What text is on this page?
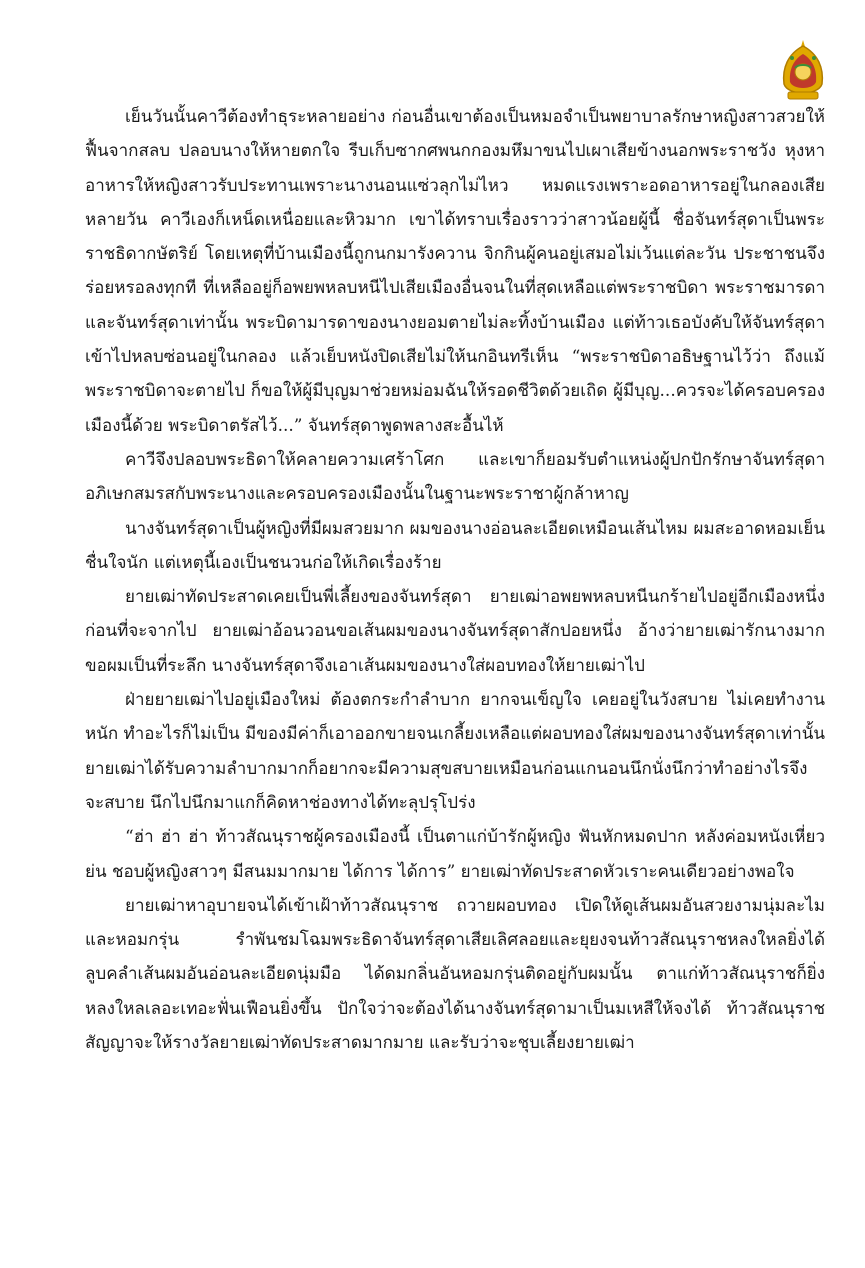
เย็นวันนั้นคาวีต้องทำธุระหลายอย่าง ก่อนอื่นเขาต้องเป็นหมอจำเป็นพยาบาลรักษาหญิงสาวสวยให้ฟื้นจากสลบ ปลอบนางให้หายตกใจ รีบเก็บซากศพนกกองมหึมาขนไปเผาเสียข้างนอกพระราชวัง หุงหาอาหารให้หญิงสาวรับประทานเพราะนางนอนแซ่วลุกไม่ไหว หมดแรงเพราะอดอาหารอยู่ในกลองเสียหลายวัน คาวีเองก็เหน็ดเหนื่อยและหิวมาก เขาได้ทราบเรื่องราวว่าสาวน้อยผู้นี้ ชื่อจันทร์สุดาเป็นพระราชธิดากษัตริย์ โดยเหตุที่บ้านเมืองนี้ถูกนกมารังควาน จิกกินผู้คนอยู่เสมอไม่เว้นแต่ละวัน ประชาชนจึงร่อยหรอลงทุกที ที่เหลืออยู่ก็อพยพหลบหนีไปเสียเมืองอื่นจนในที่สุดเหลือแต่พระราชบิดา พระราชมารดา และจันทร์สุดาเท่านั้น พระบิดามารดาของนางยอมตายไม่ละทิ้งบ้านเมือง แต่ท้าวเธอบังคับให้จันทร์สุดาเข้าไปหลบซ่อนอยู่ในกลอง แล้วเย็บหนังปิดเสียไม่ให้นกอินทรีเห็น “พระราชบิดาอธิษฐานไว้ว่า ถึงแม้พระราชบิดาจะตายไป ก็ขอให้ผู้มีบุญมาช่วยหม่อมฉันให้รอดชีวิตด้วยเถิด ผู้มีบุญ...ควรจะได้ครอบครองเมืองนี้ด้วย พระบิดาตรัสไว้...” จันทร์สุดาพูดพลางสะอื้นไห้

คาวีจึงปลอบพระธิดาให้คลายความเศร้าโศก และเขาก็ยอมรับตำแหน่งผู้ปกปักรักษาจันทร์สุดา อภิเษกสมรสกับพระนางและครอบครองเมืองนั้นในฐานะพระราชาผู้กล้าหาญ

นางจันทร์สุดาเป็นผู้หญิงที่มีผมสวยมาก ผมของนางอ่อนละเอียดเหมือนเส้นไหม ผมสะอาดหอมเย็นชื่นใจนัก แต่เหตุนี้เองเป็นชนวนก่อให้เกิดเรื่องร้าย

ยายเฒ่าทัดประสาดเคยเป็นพี่เลี้ยงของจันทร์สุดา ยายเฒ่าอพยพหลบหนีนกร้ายไปอยู่อีกเมืองหนึ่ง ก่อนที่จะจากไป ยายเฒ่าอ้อนวอนขอเส้นผมของนางจันทร์สุดาสักปอยหนึ่ง อ้างว่ายายเฒ่ารักนางมากขอผมเป็นที่ระลึก นางจันทร์สุดาจึงเอาเส้นผมของนางใส่ผอบทองให้ยายเฒ่าไป

ฝ่ายยายเฒ่าไปอยู่เมืองใหม่ ต้องตกระกำลำบาก ยากจนเข็ญใจ เคยอยู่ในวังสบาย ไม่เคยทำงานหนัก ทำอะไรก็ไม่เป็น มีของมีค่าก็เอาออกขายจนเกลี้ยงเหลือแต่ผอบทองใส่ผมของนางจันทร์สุดาเท่านั้น ยายเฒ่าได้รับความลำบากมากก็อยากจะมีความสุขสบายเหมือนก่อนแกนอนนึกนั่งนึกว่าทำอย่างไรจึงจะสบาย นึกไปนึกมาแกก็คิดหาช่องทางได้ทะลุปรุโปร่ง

“ฮ่า ฮ่า ฮ่า ท้าวสัณนุราชผู้ครองเมืองนี้ เป็นตาแก่บ้ารักผู้หญิง ฟันหักหมดปาก หลังค่อมหนังเหี่ยวย่น ชอบผู้หญิงสาวๆ มีสนมมากมาย ได้การ ได้การ” ยายเฒ่าทัดประสาดหัวเราะคนเดียวอย่างพอใจ

ยายเฒ่าหาอุบายจนได้เข้าเฝ้าท้าวสัณนุราช ถวายผอบทอง เปิดให้ดูเส้นผมอันสวยงามนุ่มละไมและหอมกรุ่น รำพันชมโฉมพระธิดาจันทร์สุดาเสียเลิศลอยและยุยงจนท้าวสัณนุราชหลงใหลยิ่งได้ลูบคลำเส้นผมอันอ่อนละเอียดนุ่มมือ ได้ดมกลิ่นอันหอมกรุ่นติดอยู่กับผมนั้น ตาแก่ท้าวสัณนุราชก็ยิ่งหลงใหลเลอะเทอะฟั่นเฟือนยิ่งขึ้น ปักใจว่าจะต้องได้นางจันทร์สุดามาเป็นมเหสีให้จงได้ ท้าวสัณนุราชสัญญาจะให้รางวัลยายเฒ่าทัดประสาดมากมาย และรับว่าจะชุบเลี้ยงยายเฒ่า
